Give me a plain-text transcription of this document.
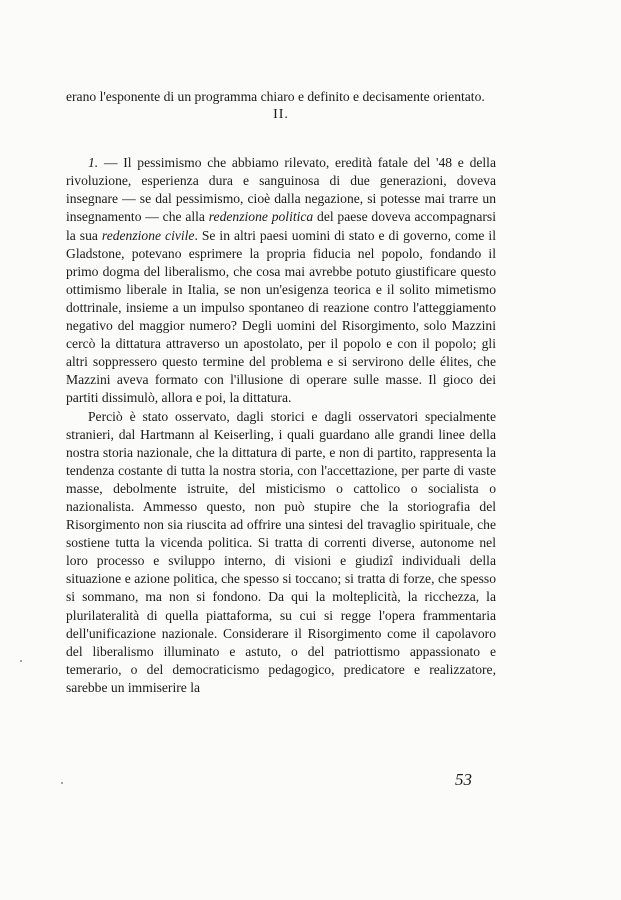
erano l'esponente di un programma chiaro e definito e decisamente orientato.

II.

1. — Il pessimismo che abbiamo rilevato, eredità fatale del '48 e della rivoluzione, esperienza dura e sanguinosa di due generazioni, doveva insegnare — se dal pessimismo, cioè dalla negazione, si potesse mai trarre un insegnamento — che alla redenzione politica del paese doveva accompagnarsi la sua redenzione civile. Se in altri paesi uomini di stato e di governo, come il Gladstone, potevano esprimere la propria fiducia nel popolo, fondando il primo dogma del liberalismo, che cosa mai avrebbe potuto giustificare questo ottimismo liberale in Italia, se non un'esigenza teorica e il solito mimetismo dottrinale, insieme a un impulso spontaneo di reazione contro l'atteggiamento negativo del maggior numero? Degli uomini del Risorgimento, solo Mazzini cercò la dittatura attraverso un apostolato, per il popolo e con il popolo; gli altri soppressero questo termine del problema e si servirono delle élites, che Mazzini aveva formato con l'illusione di operare sulle masse. Il gioco dei partiti dissimulò, allora e poi, la dittatura.

Perciò è stato osservato, dagli storici e dagli osservatori specialmente stranieri, dal Hartmann al Keiserling, i quali guardano alle grandi linee della nostra storia nazionale, che la dittatura di parte, e non di partito, rappresenta la tendenza costante di tutta la nostra storia, con l'accettazione, per parte di vaste masse, debolmente istruite, del misticismo o cattolico o socialista o nazionalista. Ammesso questo, non può stupire che la storiografia del Risorgimento non sia riuscita ad offrire una sintesi del travaglio spirituale, che sostiene tutta la vicenda politica. Si tratta di correnti diverse, autonome nel loro processo e sviluppo interno, di visioni e giudizî individuali della situazione e azione politica, che spesso si toccano; si tratta di forze, che spesso si sommano, ma non si fondono. Da qui la molteplicità, la ricchezza, la plurilateralità di quella piattaforma, su cui si regge l'opera frammentaria dell'unificazione nazionale. Considerare il Risorgimento come il capolavoro del liberalismo illuminato e astuto, o del patriottismo appassionato e temerario, o del democraticismo pedagogico, predicatore e realizzatore, sarebbe un immiserire la

53
